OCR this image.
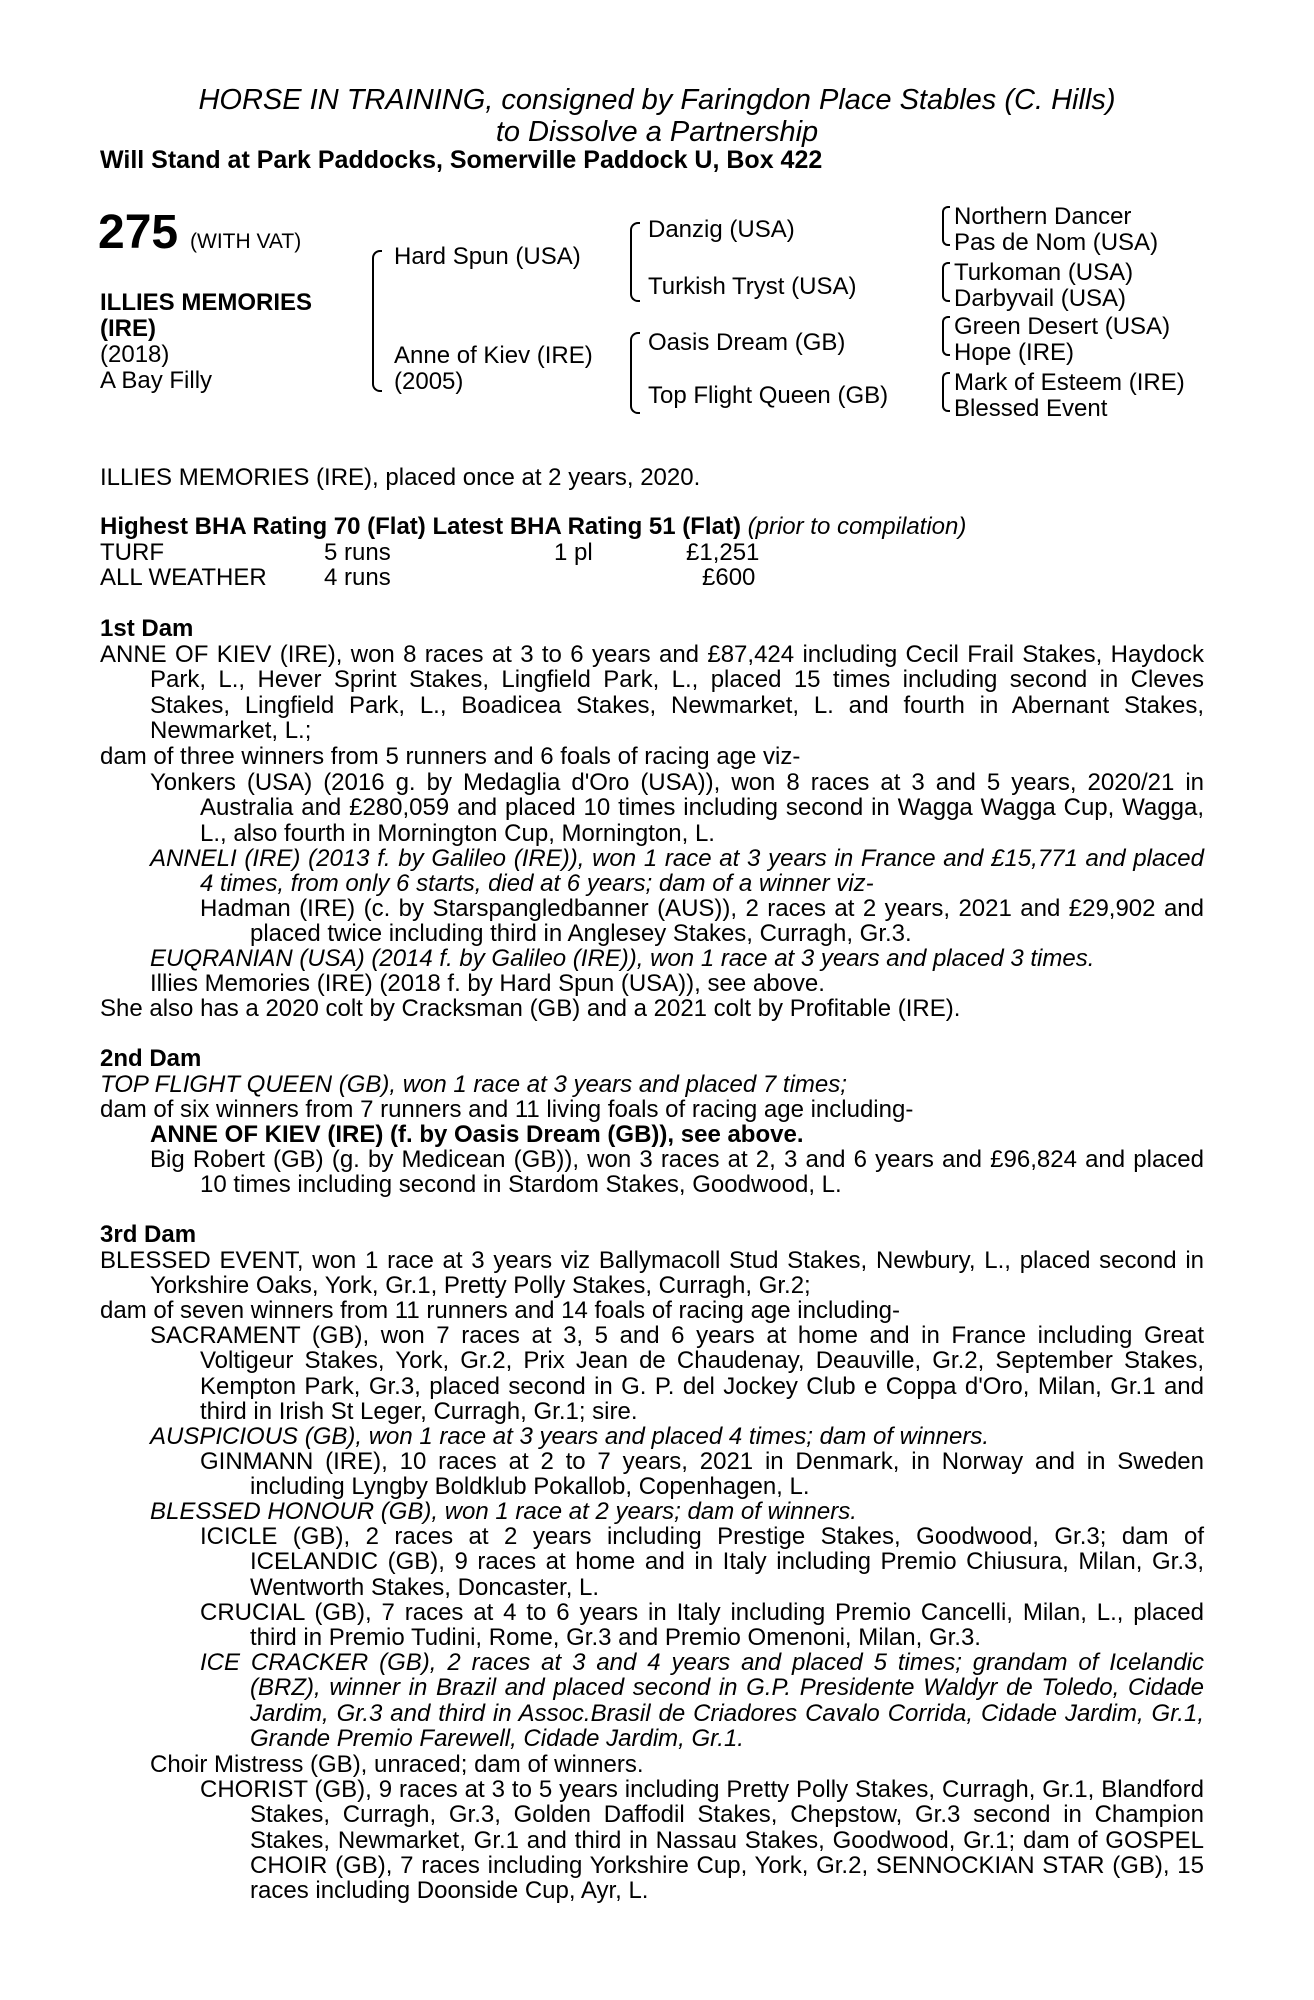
HORSE IN TRAINING, consigned by Faringdon Place Stables (C. Hills)
to Dissolve a Partnership
Will Stand at Park Paddocks, Somerville Paddock U, Box 422
275 (WITH VAT)
ILLIES MEMORIES
(IRE)
(2018)
A Bay Filly
Hard Spun (USA)
Anne of Kiev (IRE)
(2005)
Danzig (USA)
Turkish Tryst (USA)
Oasis Dream (GB)
Top Flight Queen (GB)
Northern Dancer
Pas de Nom (USA)
Turkoman (USA)
Darbyvail (USA)
Green Desert (USA)
Hope (IRE)
Mark of Esteem (IRE)
Blessed Event
ILLIES MEMORIES (IRE), placed once at 2 years, 2020.
Highest BHA Rating 70 (Flat) Latest BHA Rating 51 (Flat) (prior to compilation)
TURF	5 runs	1 pl	£1,251
ALL WEATHER 4 runs	£600
1st Dam
ANNE OF KIEV (IRE), won 8 races at 3 to 6 years and £87,424 including Cecil Frail Stakes, Haydock Park, L., Hever Sprint Stakes, Lingfield Park, L., placed 15 times including second in Cleves Stakes, Lingfield Park, L., Boadicea Stakes, Newmarket, L. and fourth in Abernant Stakes, Newmarket, L.;
dam of three winners from 5 runners and 6 foals of racing age viz-
Yonkers (USA) (2016 g. by Medaglia d'Oro (USA)), won 8 races at 3 and 5 years, 2020/21 in Australia and £280,059 and placed 10 times including second in Wagga Wagga Cup, Wagga, L., also fourth in Mornington Cup, Mornington, L.
ANNELI (IRE) (2013 f. by Galileo (IRE)), won 1 race at 3 years in France and £15,771 and placed 4 times, from only 6 starts, died at 6 years; dam of a winner viz-
Hadman (IRE) (c. by Starspangledbanner (AUS)), 2 races at 2 years, 2021 and £29,902 and placed twice including third in Anglesey Stakes, Curragh, Gr.3.
EUQRANIAN (USA) (2014 f. by Galileo (IRE)), won 1 race at 3 years and placed 3 times.
Illies Memories (IRE) (2018 f. by Hard Spun (USA)), see above.
She also has a 2020 colt by Cracksman (GB) and a 2021 colt by Profitable (IRE).
2nd Dam
TOP FLIGHT QUEEN (GB), won 1 race at 3 years and placed 7 times;
dam of six winners from 7 runners and 11 living foals of racing age including-
ANNE OF KIEV (IRE) (f. by Oasis Dream (GB)), see above.
Big Robert (GB) (g. by Medicean (GB)), won 3 races at 2, 3 and 6 years and £96,824 and placed 10 times including second in Stardom Stakes, Goodwood, L.
3rd Dam
BLESSED EVENT, won 1 race at 3 years viz Ballymacoll Stud Stakes, Newbury, L., placed second in Yorkshire Oaks, York, Gr.1, Pretty Polly Stakes, Curragh, Gr.2;
dam of seven winners from 11 runners and 14 foals of racing age including-
SACRAMENT (GB), won 7 races at 3, 5 and 6 years at home and in France including Great Voltigeur Stakes, York, Gr.2, Prix Jean de Chaudenay, Deauville, Gr.2, September Stakes, Kempton Park, Gr.3, placed second in G. P. del Jockey Club e Coppa d'Oro, Milan, Gr.1 and third in Irish St Leger, Curragh, Gr.1; sire.
AUSPICIOUS (GB), won 1 race at 3 years and placed 4 times; dam of winners.
GINMANN (IRE), 10 races at 2 to 7 years, 2021 in Denmark, in Norway and in Sweden including Lyngby Boldklub Pokallob, Copenhagen, L.
BLESSED HONOUR (GB), won 1 race at 2 years; dam of winners.
ICICLE (GB), 2 races at 2 years including Prestige Stakes, Goodwood, Gr.3; dam of ICELANDIC (GB), 9 races at home and in Italy including Premio Chiusura, Milan, Gr.3, Wentworth Stakes, Doncaster, L.
CRUCIAL (GB), 7 races at 4 to 6 years in Italy including Premio Cancelli, Milan, L., placed third in Premio Tudini, Rome, Gr.3 and Premio Omenoni, Milan, Gr.3.
ICE CRACKER (GB), 2 races at 3 and 4 years and placed 5 times; grandam of Icelandic (BRZ), winner in Brazil and placed second in G.P. Presidente Waldyr de Toledo, Cidade Jardim, Gr.3 and third in Assoc.Brasil de Criadores Cavalo Corrida, Cidade Jardim, Gr.1, Grande Premio Farewell, Cidade Jardim, Gr.1.
Choir Mistress (GB), unraced; dam of winners.
CHORIST (GB), 9 races at 3 to 5 years including Pretty Polly Stakes, Curragh, Gr.1, Blandford Stakes, Curragh, Gr.3, Golden Daffodil Stakes, Chepstow, Gr.3 second in Champion Stakes, Newmarket, Gr.1 and third in Nassau Stakes, Goodwood, Gr.1; dam of GOSPEL CHOIR (GB), 7 races including Yorkshire Cup, York, Gr.2, SENNOCKIAN STAR (GB), 15 races including Doonside Cup, Ayr, L.
